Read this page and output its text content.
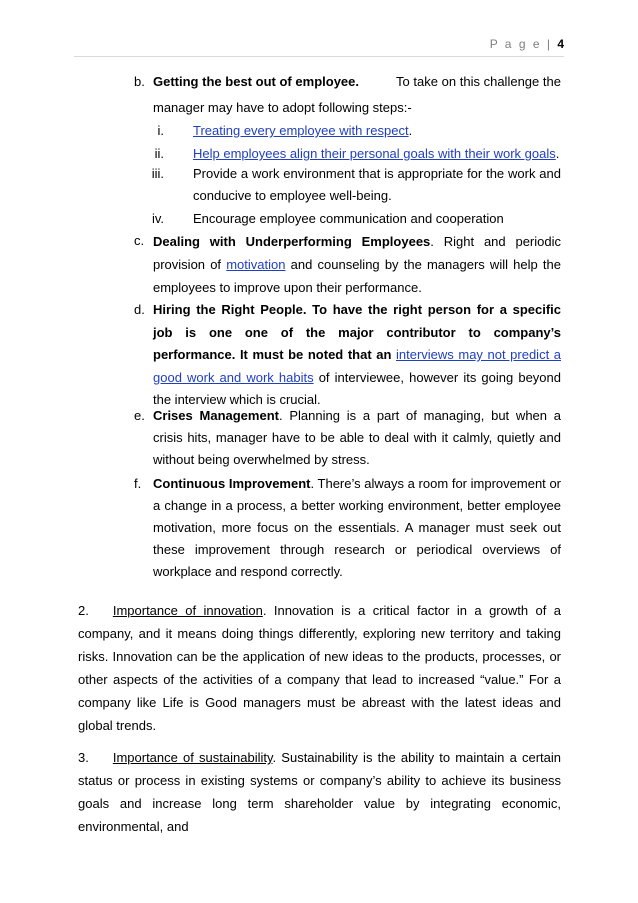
P a g e | 4
b. Getting the best out of employee.	To take on this challenge the
manager may have to adopt following steps:-
i. Treating every employee with respect.
ii. Help employees align their personal goals with their work goals.
iii. Provide a work environment that is appropriate for the work and conducive to employee well-being.
iv. Encourage employee communication and cooperation
c. Dealing with Underperforming Employees. Right and periodic provision of motivation and counseling by the managers will help the employees to improve upon their performance.
d. Hiring the Right People. To have the right person for a specific job is one one of the major contributor to company’s performance. It must be noted that an interviews may not predict a good work and work habits of interviewee, however its going beyond the interview which is crucial.
e. Crises Management. Planning is a part of managing, but when a crisis hits, manager have to be able to deal with it calmly, quietly and without being overwhelmed by stress.
f. Continuous Improvement. There’s always a room for improvement or a change in a process, a better working environment, better employee motivation, more focus on the essentials. A manager must seek out these improvement through research or periodical overviews of workplace and respond correctly.
2. Importance of innovation. Innovation is a critical factor in a growth of a company, and it means doing things differently, exploring new territory and taking risks. Innovation can be the application of new ideas to the products, processes, or other aspects of the activities of a company that lead to increased “value.” For a company like Life is Good managers must be abreast with the latest ideas and global trends.
3. Importance of sustainability. Sustainability is the ability to maintain a certain status or process in existing systems or company’s ability to achieve its business goals and increase long term shareholder value by integrating economic, environmental, and
